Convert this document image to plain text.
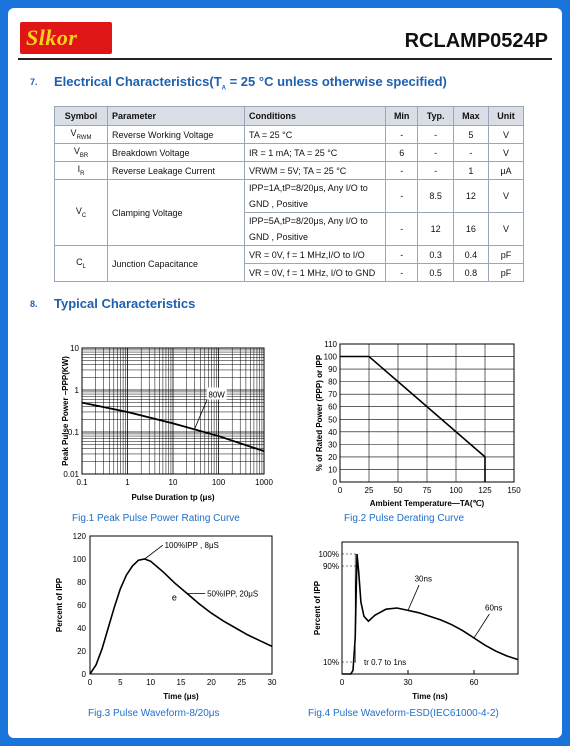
Slkor	RCLAMP0524P
7. Electrical $Characteristics(T_A = 25$ °C unless otherwise specified)
Symbol	Parameter	Conditions	Min	Typ.	Max	Unit
$V_{RWM}$	Reverse Working Voltage	TA = 25 °C	-	-	5	V
$V_{BR}$	Breakdown Voltage	IR = 1 mA; TA = 25 °C	6	-	-	V
$I_R$	Reverse Leakage Current	VRWM = 5V; TA = 25 °C	-	-	1	μA
$V_C$	Clamping Voltage	IPP=1A,tP=8/20μs, Any I/O to GND , Positive	-	8.5	12	V
		IPP=5A,tP=8/20μs, Any I/O to GND , Positive	-	12	16	V
$C_L$	Junction Capacitance	VR = 0V, f = 1 MHz,I/O to I/O	-	0.3	0.4	pF
		VR = 0V, f = 1 MHz, I/O to GND	-	0.5	0.8	pF
8. Typical Characteristics
0.1	1	10	100	1000
0.01
0.1
1
10
80W
Pulse Duration tp (μs)
Peak Pulse Power –PPP(KW)
0	25	50	75 100 125 150
0
10
20
30
40
50
60
70
80
90
100
110
Ambient Temperature—TA(℃)
% of Rated Power (PPP) or IPP
0	5	10	15	20	25	30
0
20
40
60
80
100
120
100%IPP , 8μS
50%IPP, 20μS
e
Time (μs)
Percent of IPP
10%
90%
100%
0	30	60
30ns
60ns
tr 0.7 to 1ns
Time (ns)
Percent of IPP
Fig.1 Peak Pulse Power Rating Curve	Fig.2 Pulse Derating Curve
Fig.3 Pulse Waveform-8/20μs	Fig.4 Pulse Waveform-ESD(IEC61000-4-2)
